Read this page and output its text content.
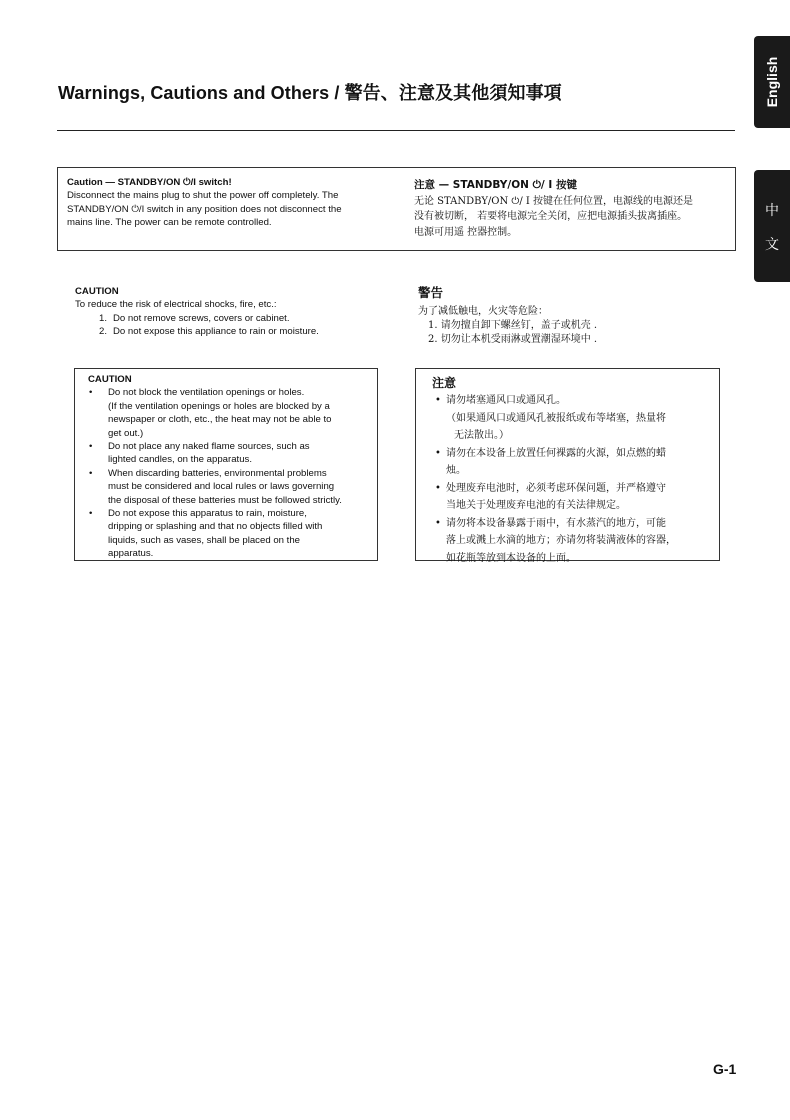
Warnings, Cautions and Others / 警告、注意及其他須知事項	English
中
文
Caution — STANDBY/ON ⏻/I switch!
Disconnect the mains plug to shut the power off completely. The
STANDBY/ON ⏻/I switch in any position does not disconnect the
mains line. The power can be remote controlled.
注意 — STANDBY/ON ⏻/ I 按键
无论 STANDBY/ON ⏻/ I 按键在任何位置，电源线的电源还是
没有被切断， 若要将电源完全关闭，应把电源插头拔离插座。
电源可用遥 控器控制。
CAUTION
To reduce the risk of electrical shocks, fire, etc.:
1. Do not remove screws, covers or cabinet.
2. Do not expose this appliance to rain or moisture.
警告
为了减低触电，火灾等危险：
1. 请勿擅自卸下螺丝钉，盖子或机壳 .
2. 切勿让本机受雨淋或置潮湿环境中 .
CAUTION
• Do not block the ventilation openings or holes.
(If the ventilation openings or holes are blocked by a
newspaper or cloth, etc., the heat may not be able to
get out.)
• Do not place any naked flame sources, such as
lighted candles, on the apparatus.
• When discarding batteries, environmental problems
must be considered and local rules or laws governing
the disposal of these batteries must be followed strictly.
• Do not expose this apparatus to rain, moisture,
dripping or splashing and that no objects filled with
liquids, such as vases, shall be placed on the
apparatus.
注意
• 请勿堵塞通风口或通风孔。
（如果通风口或通风孔被报纸或布等堵塞，热量将
无法散出。）
• 请勿在本设备上放置任何裸露的火源，如点燃的蜡
烛。
• 处理废弃电池时，必须考虑环保问题，并严格遵守
当地关于处理废弃电池的有关法律规定。
• 请勿将本设备暴露于雨中，有水蒸汽的地方，可能
落上或溅上水滴的地方；亦请勿将装满液体的容器，
如花瓶等放到本设备的上面。
G-1
